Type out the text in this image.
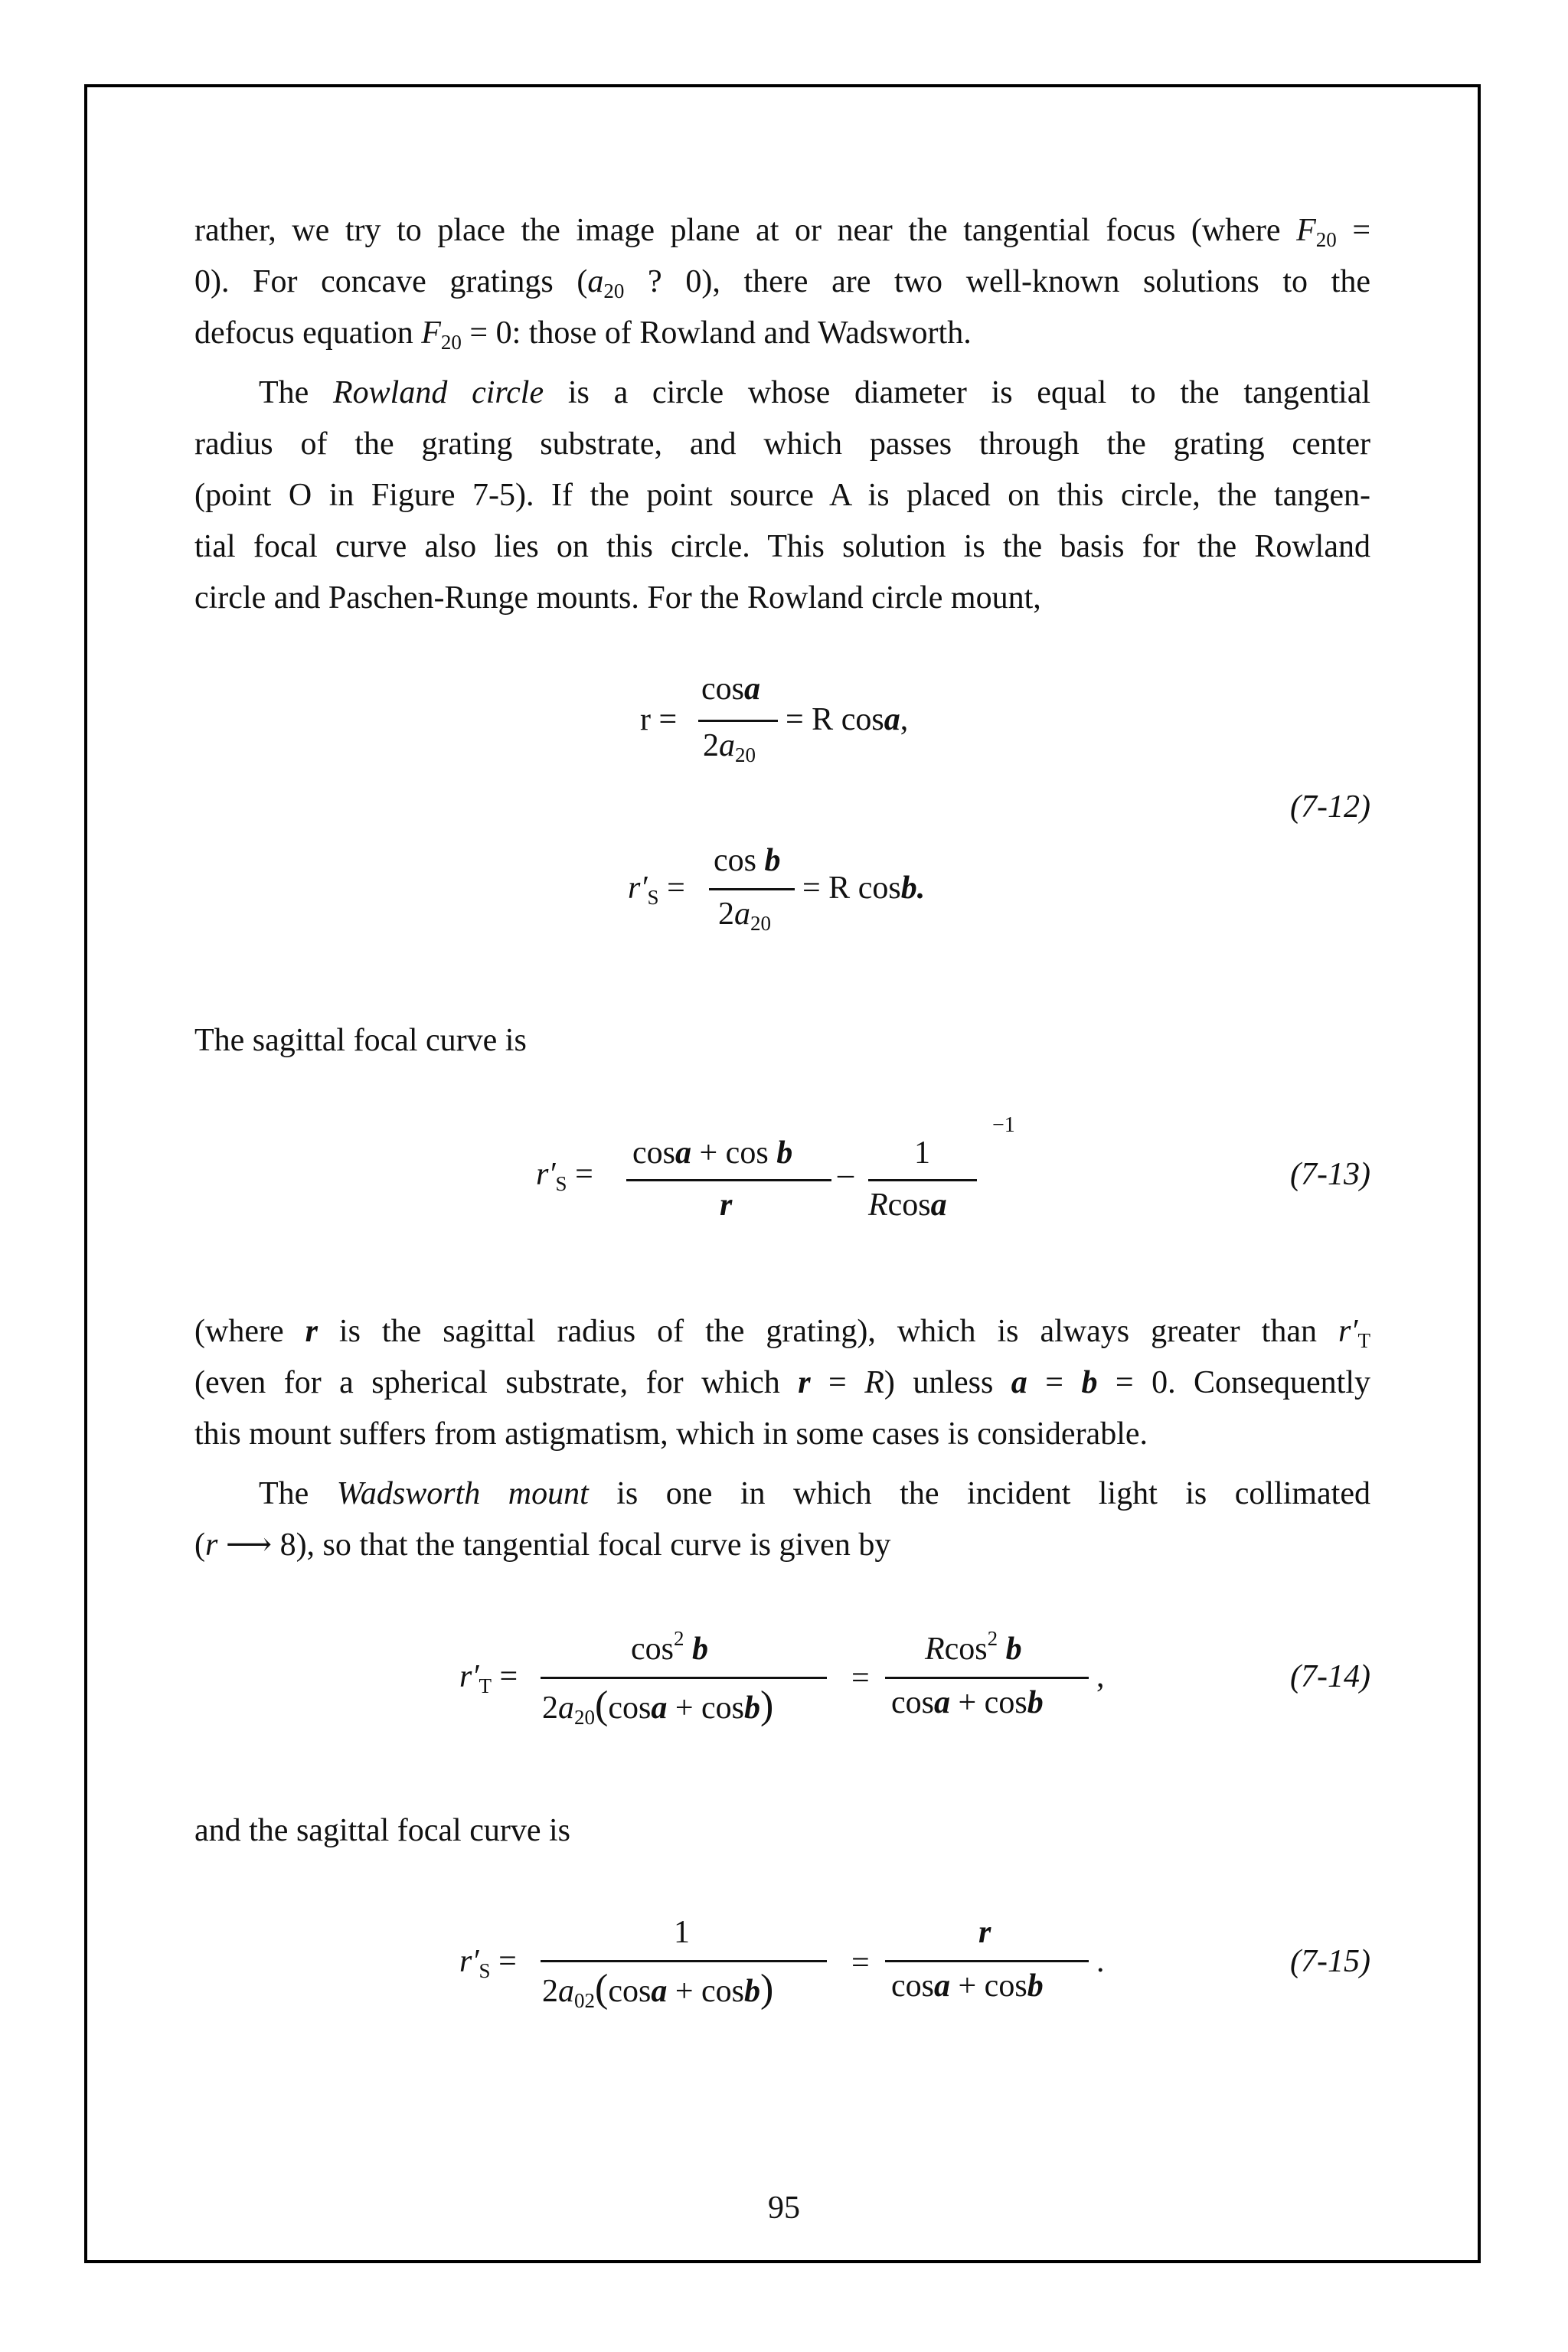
rather, we try to place the image plane at or near the tangential focus (where $F_{20}$ =
0). For concave gratings ($a_{20}$ ? 0), there are two well-known solutions to the
defocus equation $F_{20} = 0$: those of Rowland and Wadsworth.
The Rowland circle is a circle whose diameter is equal to the tangential
radius of the grating substrate, and which passes through the grating center
(point O in Figure 7-5). If the point source A is placed on this circle, the tangen-
tial focal curve also lies on this circle. This solution is the basis for the Rowland
circle and Paschen-Runge mounts. For the Rowland circle mount,
r =
cosa
$2a_{20}$
= R cosa,
(7-12)
$r'_S$ =
cos b
$2a_{20}$
= R cosb.
The sagittal focal curve is
$r'_S$ =
cosa + cos b
r
–
1
Rcosa
−1
(7-13)
(where r is the sagittal radius of the grating), which is always greater than $r'_T$
(even for a spherical substrate, for which r = R) unless a = b = 0. Consequently
this mount suffers from astigmatism, which in some cases is considerable.
The Wadsworth mount is one in which the incident light is collimated
(r ⟶ 8), so that the tangential focal curve is given by
$r'_T$ =
$\cos^2 b$
$2a_{20}(\cos a + \cos b)$
=
Rcos$^2$ b
cosa + cosb
,	(7-14)
and the sagittal focal curve is
$r'_S$ =
1
$2a_{02}(\cos a + \cos b)$
=
r
cosa + cosb
.	(7-15)
95
